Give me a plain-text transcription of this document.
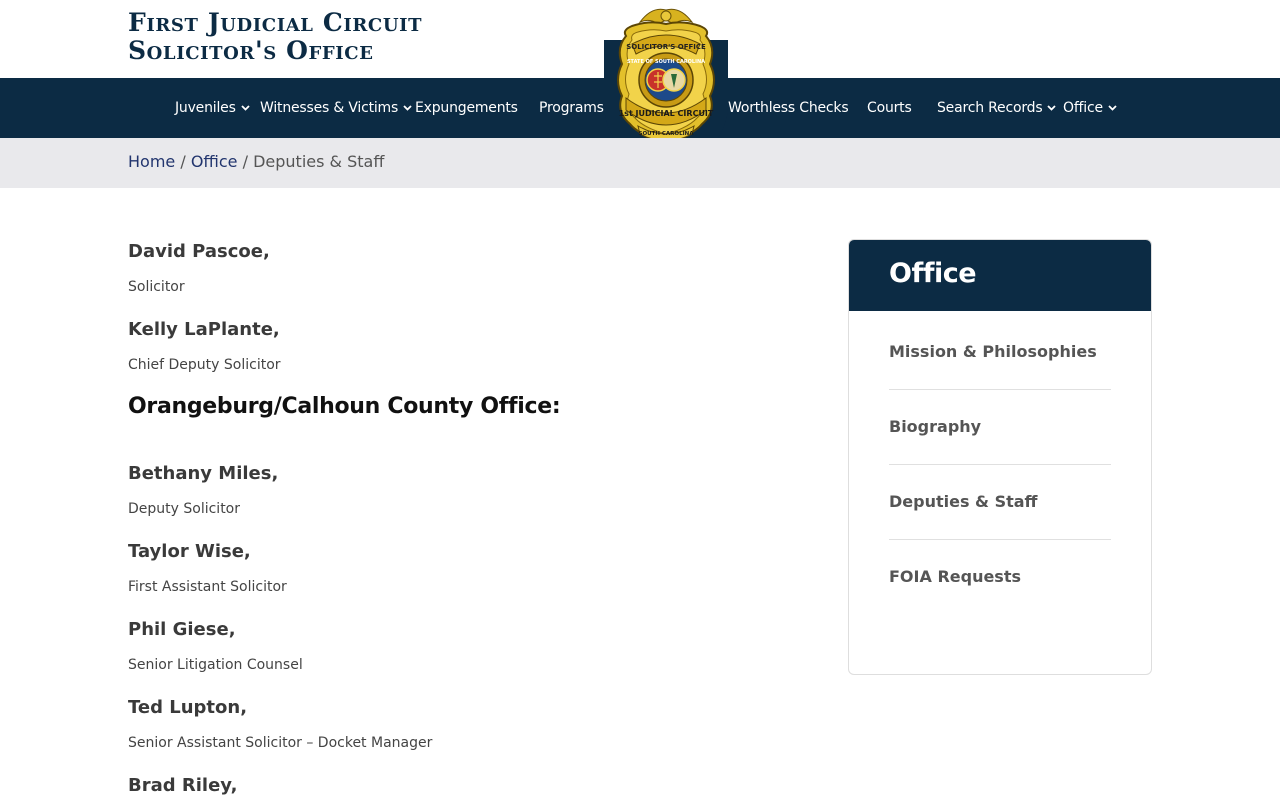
First Judicial Circuit
Solicitor's Office
Juveniles	Witnesses & Victims	Expungements Programs	Worthless Checks Courts Search Records	Office
SOLICITOR'S OFFICE
STATE OF SOUTH CAROLINA
1st JUDICIAL CIRCUIT
SOUTH CAROLINA
Home / Office / Deputies & Staff
David Pascoe,
Solicitor
Kelly LaPlante,
Chief Deputy Solicitor
Orangeburg/Calhoun County Office:
Bethany Miles,
Deputy Solicitor
Taylor Wise,
First Assistant Solicitor
Phil Giese,
Senior Litigation Counsel
Ted Lupton,
Senior Assistant Solicitor – Docket Manager
Brad Riley,
Office
Mission & Philosophies
Biography
Deputies & Staff
FOIA Requests
